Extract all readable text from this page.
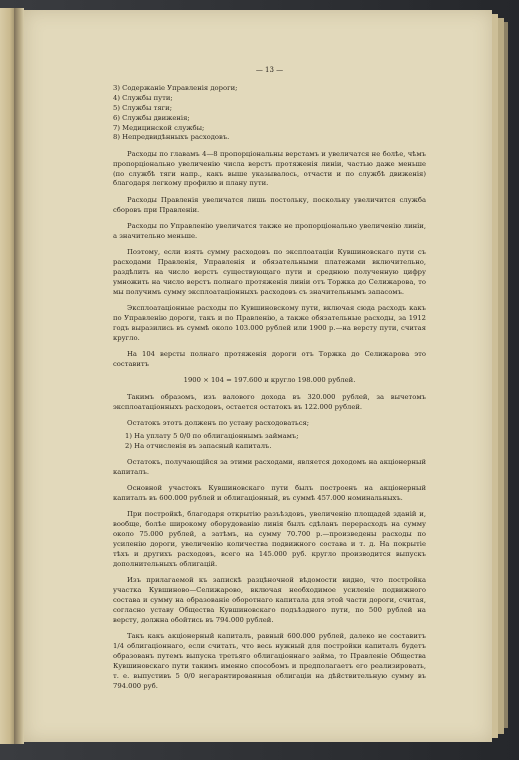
— 13 —
3) Содержаніе Управленія дороги;
4) Службы пути;
5) Службы тяги;
6) Службы движенія;
7) Медицинской службы;
8) Непредвидѣнныхъ расходовъ.

Расходы по главамъ 4—8 пропорціональны верстамъ и увеличатся не болѣе, чѣмъ пропорціонально увеличенію числа верстъ протяженія линіи, частью даже меньше (по службѣ тяги напр., какъ выше указывалось, отчасти и по службѣ движенія) благодаря легкому профилю и плану пути.

Расходы Правленія увеличатся лишь постольку, поскольку увеличится служба сборовъ при Правленіи.

Расходы по Управленію увеличатся также не пропорціонально увеличенію линіи, а значительно меньше.

Поэтому, если взять сумму расходовъ по эксплоатаціи Кувшиновскаго пути съ расходами Правленія, Управленія и обязательными платежами включительно, раздѣлить на число верстъ существующаго пути и среднюю полученную цифру умножить на число верстъ полнаго протяженія линіи отъ Торжка до Селижарова, то мы получимъ сумму эксплоатаціонныхъ расходовъ съ значительнымъ запасомъ.

Эксплоатаціонные расходы по Кувшиновскому пути, включая сюда расходъ какъ по Управленію дороги, такъ и по Правленію, а также обязательные расходы, за 1912 годъ выразились въ суммѣ около 103.000 рублей или 1900 р.—на версту пути, считая кругло.

На 104 версты полнаго протяженія дороги отъ Торжка до Селижарова это составитъ

1900 × 104 = 197.600 и кругло 198.000 рублей.

Такимъ образомъ, изъ валового дохода въ 320.000 рублей, за вычетомъ эксплоатаціонныхъ расходовъ, остается остатокъ въ 122.000 рублей.

Остатокъ этотъ долженъ по уставу расходоваться;

1) На уплату 5 0/0 по облигаціоннымъ займамъ;
2) На отчисленія въ запасный капиталъ.

Остатокъ, получающійся за этими расходами, является доходомъ на акціонерный капиталъ.

Основной участокъ Кувшиновскаго пути былъ построенъ на акціонерный капиталъ въ 600.000 рублей и облигаціонный, въ суммѣ 457.000 номинальныхъ.

При постройкѣ, благодаря открытію разъѣздовъ, увеличенію площадей зданій и, вообще, болѣе широкому оборудованію линія былъ сдѣланъ перерасходъ на сумму около 75.000 рублей, а затѣмъ, на сумму 70.700 р.—произведены расходы по усиленію дороги, увеличенію количества подвижного состава и т. д. На покрытіе тѣхъ и другихъ расходовъ, всего на 145.000 руб. кругло производится выпускъ дополнительныхъ облигацій.

Изъ прилагаемой къ запискѣ разцѣночной вѣдомости видно, что постройка участка Кувшиново—Селижарово, включая необходимое усиленіе подвижного состава и сумму на образованіе оборотнаго капитала для этой части дороги, считая, согласно уставу Общества Кувшиновскаго подъѣздного пути, по 500 рублей на версту, должна обойтись въ 794.000 рублей.

Такъ какъ акціонерный капиталъ, равный 600.000 рублей, далеко не составитъ 1/4 облигаціоннаго, если считать, что весь нужный для постройки капиталъ будетъ образованъ путемъ выпуска третьяго облигаціоннаго займа, то Правленіе Общества Кувшиновскаго пути такимъ именно способомъ и предполагаетъ его реализировать, т. е. выпустивъ 5 0/0 негарантированныя облигаціи на дѣйствительную сумму въ 794.000 руб.
